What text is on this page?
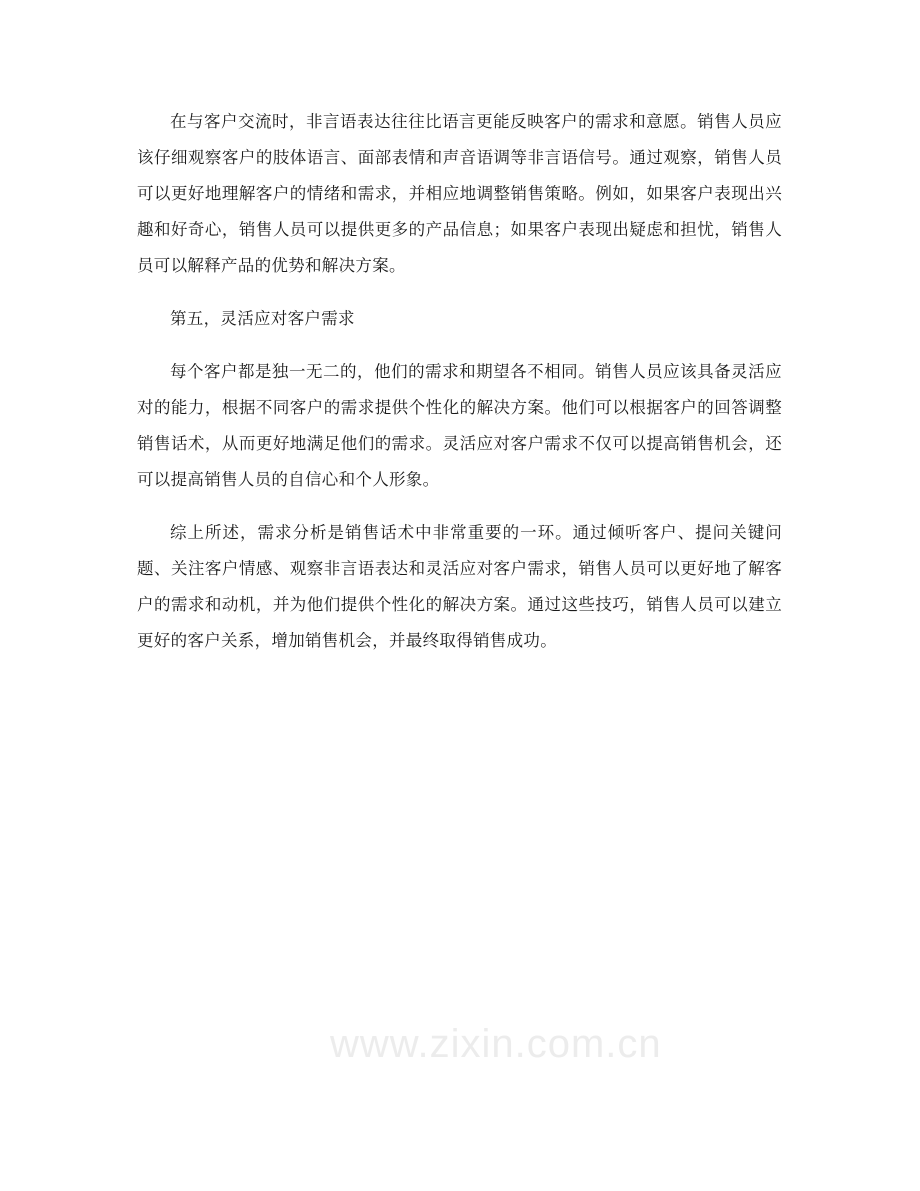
在与客户交流时，非言语表达往往比语言更能反映客户的需求和意愿。销售人员应该仔细观察客户的肢体语言、面部表情和声音语调等非言语信号。通过观察，销售人员可以更好地理解客户的情绪和需求，并相应地调整销售策略。例如，如果客户表现出兴趣和好奇心，销售人员可以提供更多的产品信息；如果客户表现出疑虑和担忧，销售人员可以解释产品的优势和解决方案。

第五，灵活应对客户需求

每个客户都是独一无二的，他们的需求和期望各不相同。销售人员应该具备灵活应对的能力，根据不同客户的需求提供个性化的解决方案。他们可以根据客户的回答调整销售话术，从而更好地满足他们的需求。灵活应对客户需求不仅可以提高销售机会，还可以提高销售人员的自信心和个人形象。

综上所述，需求分析是销售话术中非常重要的一环。通过倾听客户、提问关键问题、关注客户情感、观察非言语表达和灵活应对客户需求，销售人员可以更好地了解客户的需求和动机，并为他们提供个性化的解决方案。通过这些技巧，销售人员可以建立更好的客户关系，增加销售机会，并最终取得销售成功。

www.zixin.com.cn
